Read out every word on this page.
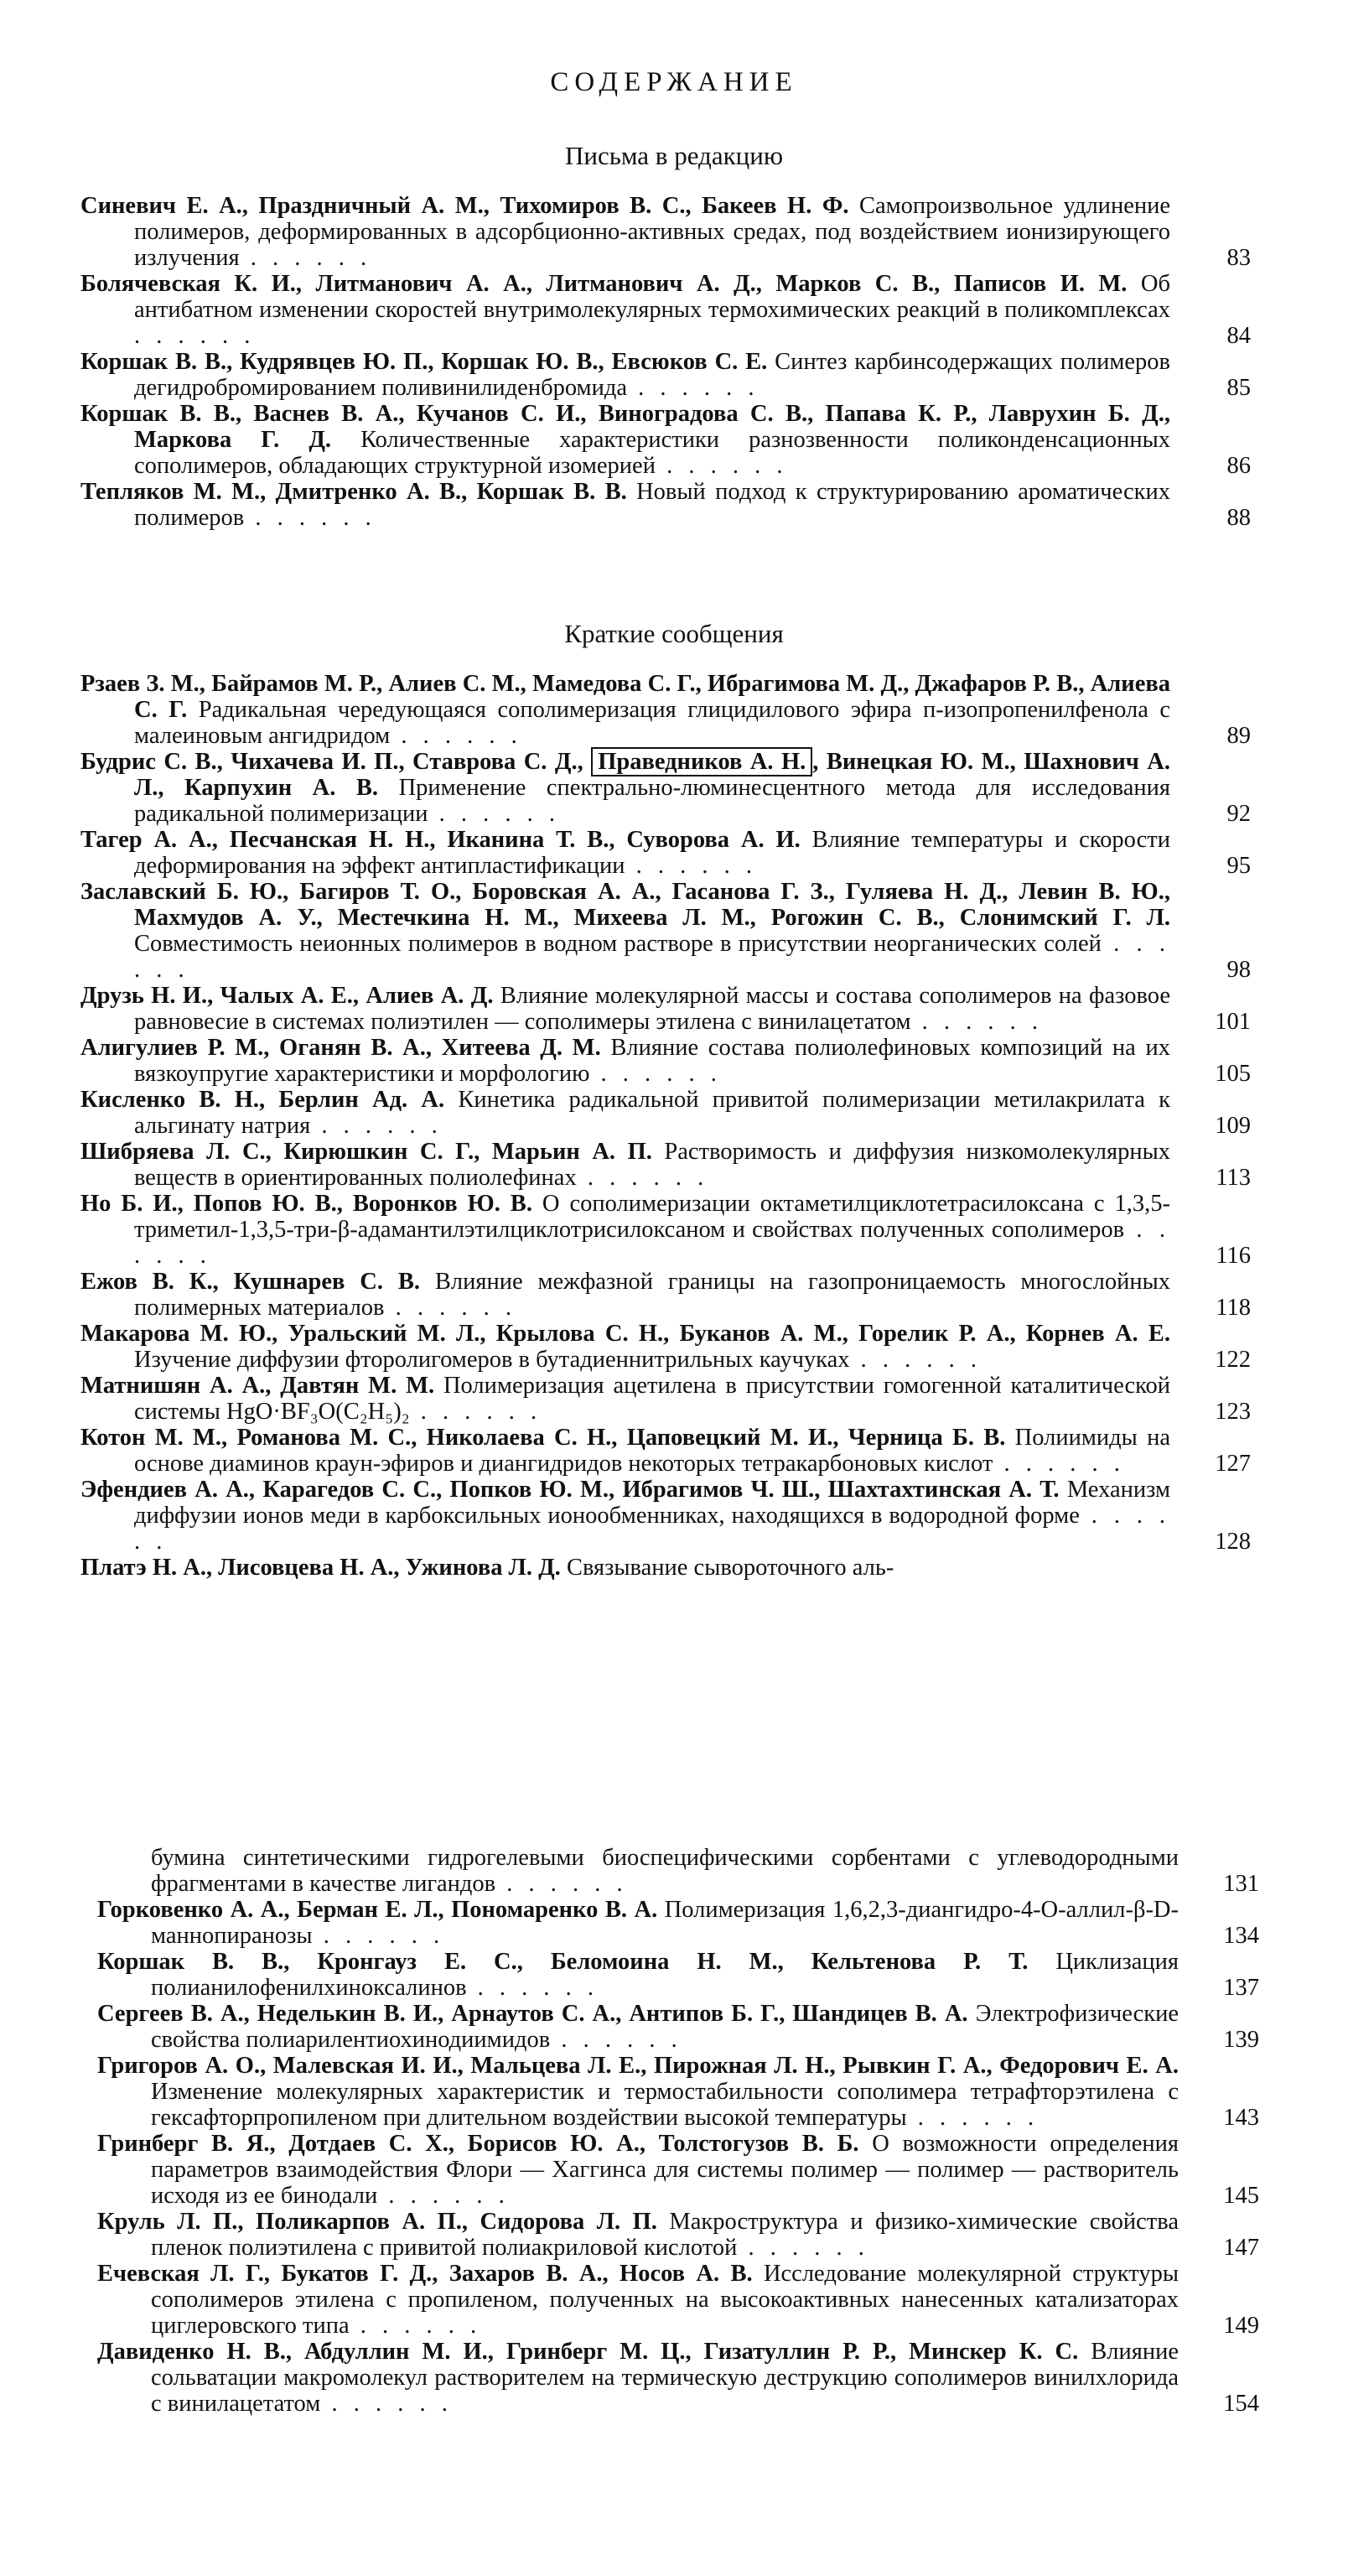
СОДЕРЖАНИЕ
Письма в редакцию
Синевич Е. А., Праздничный А. М., Тихомиров В. С., Бакеев Н. Ф. Самопроизвольное удлинение полимеров, деформированных в адсорбционно-активных средах, под воздействием ионизирующего излучения . . . . . .	83
Болячевская К. И., Литманович А. А., Литманович А. Д., Марков С. В., Паписов И. М. Об антибатном изменении скоростей внутримолекулярных термохимических реакций в поликомплексах . . . . . .	84
Коршак В. В., Кудрявцев Ю. П., Коршак Ю. В., Евсюков С. Е. Синтез карбинсодержащих полимеров дегидробромированием поливинилиденбромида . . . . . .	85
Коршак В. В., Васнев В. А., Кучанов С. И., Виноградова С. В., Папава К. Р., Лаврухин Б. Д., Маркова Г. Д. Количественные характеристики разнозвенности поликонденсационных сополимеров, обладающих структурной изомерией . . . . . .	86
Тепляков М. М., Дмитренко А. В., Коршак В. В. Новый подход к структурированию ароматических полимеров . . . . . .	88
Краткие сообщения
Рзаев З. М., Байрамов М. Р., Алиев С. М., Мамедова С. Г., Ибрагимова М. Д., Джафаров Р. В., Алиева С. Г. Радикальная чередующаяся сополимеризация глицидилового эфира п-изопропенилфенола с малеиновым ангидридом . . . . . .	89
Будрис С. В., Чихачева И. П., Ставрова С. Д., Праведников А. Н. , Винецкая Ю. М., Шахнович А. Л., Карпухин А. В. Применение спектрально-люминесцентного метода для исследования радикальной полимеризации . . . . . .	92
Тагер А. А., Песчанская Н. Н., Иканина Т. В., Суворова А. И. Влияние температуры и скорости деформирования на эффект антипластификации . . . . . .	95
Заславский Б. Ю., Багиров Т. О., Боровская А. А., Гасанова Г. З., Гуляева Н. Д., Левин В. Ю., Махмудов А. У., Местечкина Н. М., Михеева Л. М., Рогожин С. В., Слонимский Г. Л. Совместимость неионных полимеров в водном растворе в присутствии неорганических солей . . . . . .	98
Друзь Н. И., Чалых А. Е., Алиев А. Д. Влияние молекулярной массы и состава сополимеров на фазовое равновесие в системах полиэтилен — сополимеры этилена с винилацетатом . . . . . .	101
Алигулиев Р. М., Оганян В. А., Хитеева Д. М. Влияние состава полиолефиновых композиций на их вязкоупругие характеристики и морфологию . . . . . .	105
Кисленко В. Н., Берлин Ад. А. Кинетика радикальной привитой полимеризации метилакрилата к альгинату натрия . . . . . .	109
Шибряева Л. С., Кирюшкин С. Г., Марьин А. П. Растворимость и диффузия низкомолекулярных веществ в ориентированных полиолефинах . . . . . .	113
Но Б. И., Попов Ю. В., Воронков Ю. В. О сополимеризации октаметилциклотетрасилоксана с 1,3,5-триметил-1,3,5-три-β-адамантилэтилциклотрисилоксаном и свойствах полученных сополимеров . . . . . .	116
Ежов В. К., Кушнарев С. В. Влияние межфазной границы на газопроницаемость многослойных полимерных материалов . . . . . .	118
Макарова М. Ю., Уральский М. Л., Крылова С. Н., Буканов А. М., Горелик Р. А., Корнев А. Е. Изучение диффузии фторолигомеров в бутадиеннитрильных каучуках . . . . . .	122
Матнишян А. А., Давтян М. М. Полимеризация ацетилена в присутствии гомогенной каталитической системы HgO·BF₃O(C₂H₅)₂ . . . . . .	123
Котон М. М., Романова М. С., Николаева С. Н., Цаповецкий М. И., Черница Б. В. Полиимиды на основе диаминов краун-эфиров и диангидридов некоторых тетракарбоновых кислот . . . . . .	127
Эфендиев А. А., Карагедов С. С., Попков Ю. М., Ибрагимов Ч. Ш., Шахтахтинская А. Т. Механизм диффузии ионов меди в карбоксильных ионообменниках, находящихся в водородной форме . . . . . .	128
Платэ Н. А., Лисовцева Н. А., Ужинова Л. Д. Связывание сывороточного аль-
бумина синтетическими гидрогелевыми биоспецифическими сорбентами с углеводородными фрагментами в качестве лигандов . . . . . .	131
Горковенко А. А., Берман Е. Л., Пономаренко В. А. Полимеризация 1,6,2,3-диангидро-4-O-аллил-β-D-маннопиранозы . . . . . .	134
Коршак В. В., Кронгауз Е. С., Беломоина Н. М., Кельтенова Р. Т. Циклизация полианилофенилхиноксалинов . . . . . .	137
Сергеев В. А., Неделькин В. И., Арнаутов С. А., Антипов Б. Г., Шандицев В. А. Электрофизические свойства полиарилентиохинодиимидов . . . . . .	139
Григоров А. О., Малевская И. И., Мальцева Л. Е., Пирожная Л. Н., Рывкин Г. А., Федорович Е. А. Изменение молекулярных характеристик и термостабильности сополимера тетрафторэтилена с гексафторпропиленом при длительном воздействии высокой температуры . . . . . .	143
Гринберг В. Я., Дотдаев С. Х., Борисов Ю. А., Толстогузов В. Б. О возможности определения параметров взаимодействия Флори — Хаггинса для системы полимер — полимер — растворитель исходя из ее бинодали . . . . . .	145
Круль Л. П., Поликарпов А. П., Сидорова Л. П. Макроструктура и физико-химические свойства пленок полиэтилена с привитой полиакриловой кислотой . . . . . .	147
Ечевская Л. Г., Букатов Г. Д., Захаров В. А., Носов А. В. Исследование молекулярной структуры сополимеров этилена с пропиленом, полученных на высокоактивных нанесенных катализаторах циглеровского типа . . . . . .	149
Давиденко Н. В., Абдуллин М. И., Гринберг М. Ц., Гизатуллин Р. Р., Минскер К. С. Влияние сольватации макромолекул растворителем на термическую деструкцию сополимеров винилхлорида с винилацетатом . . . . . .	154
